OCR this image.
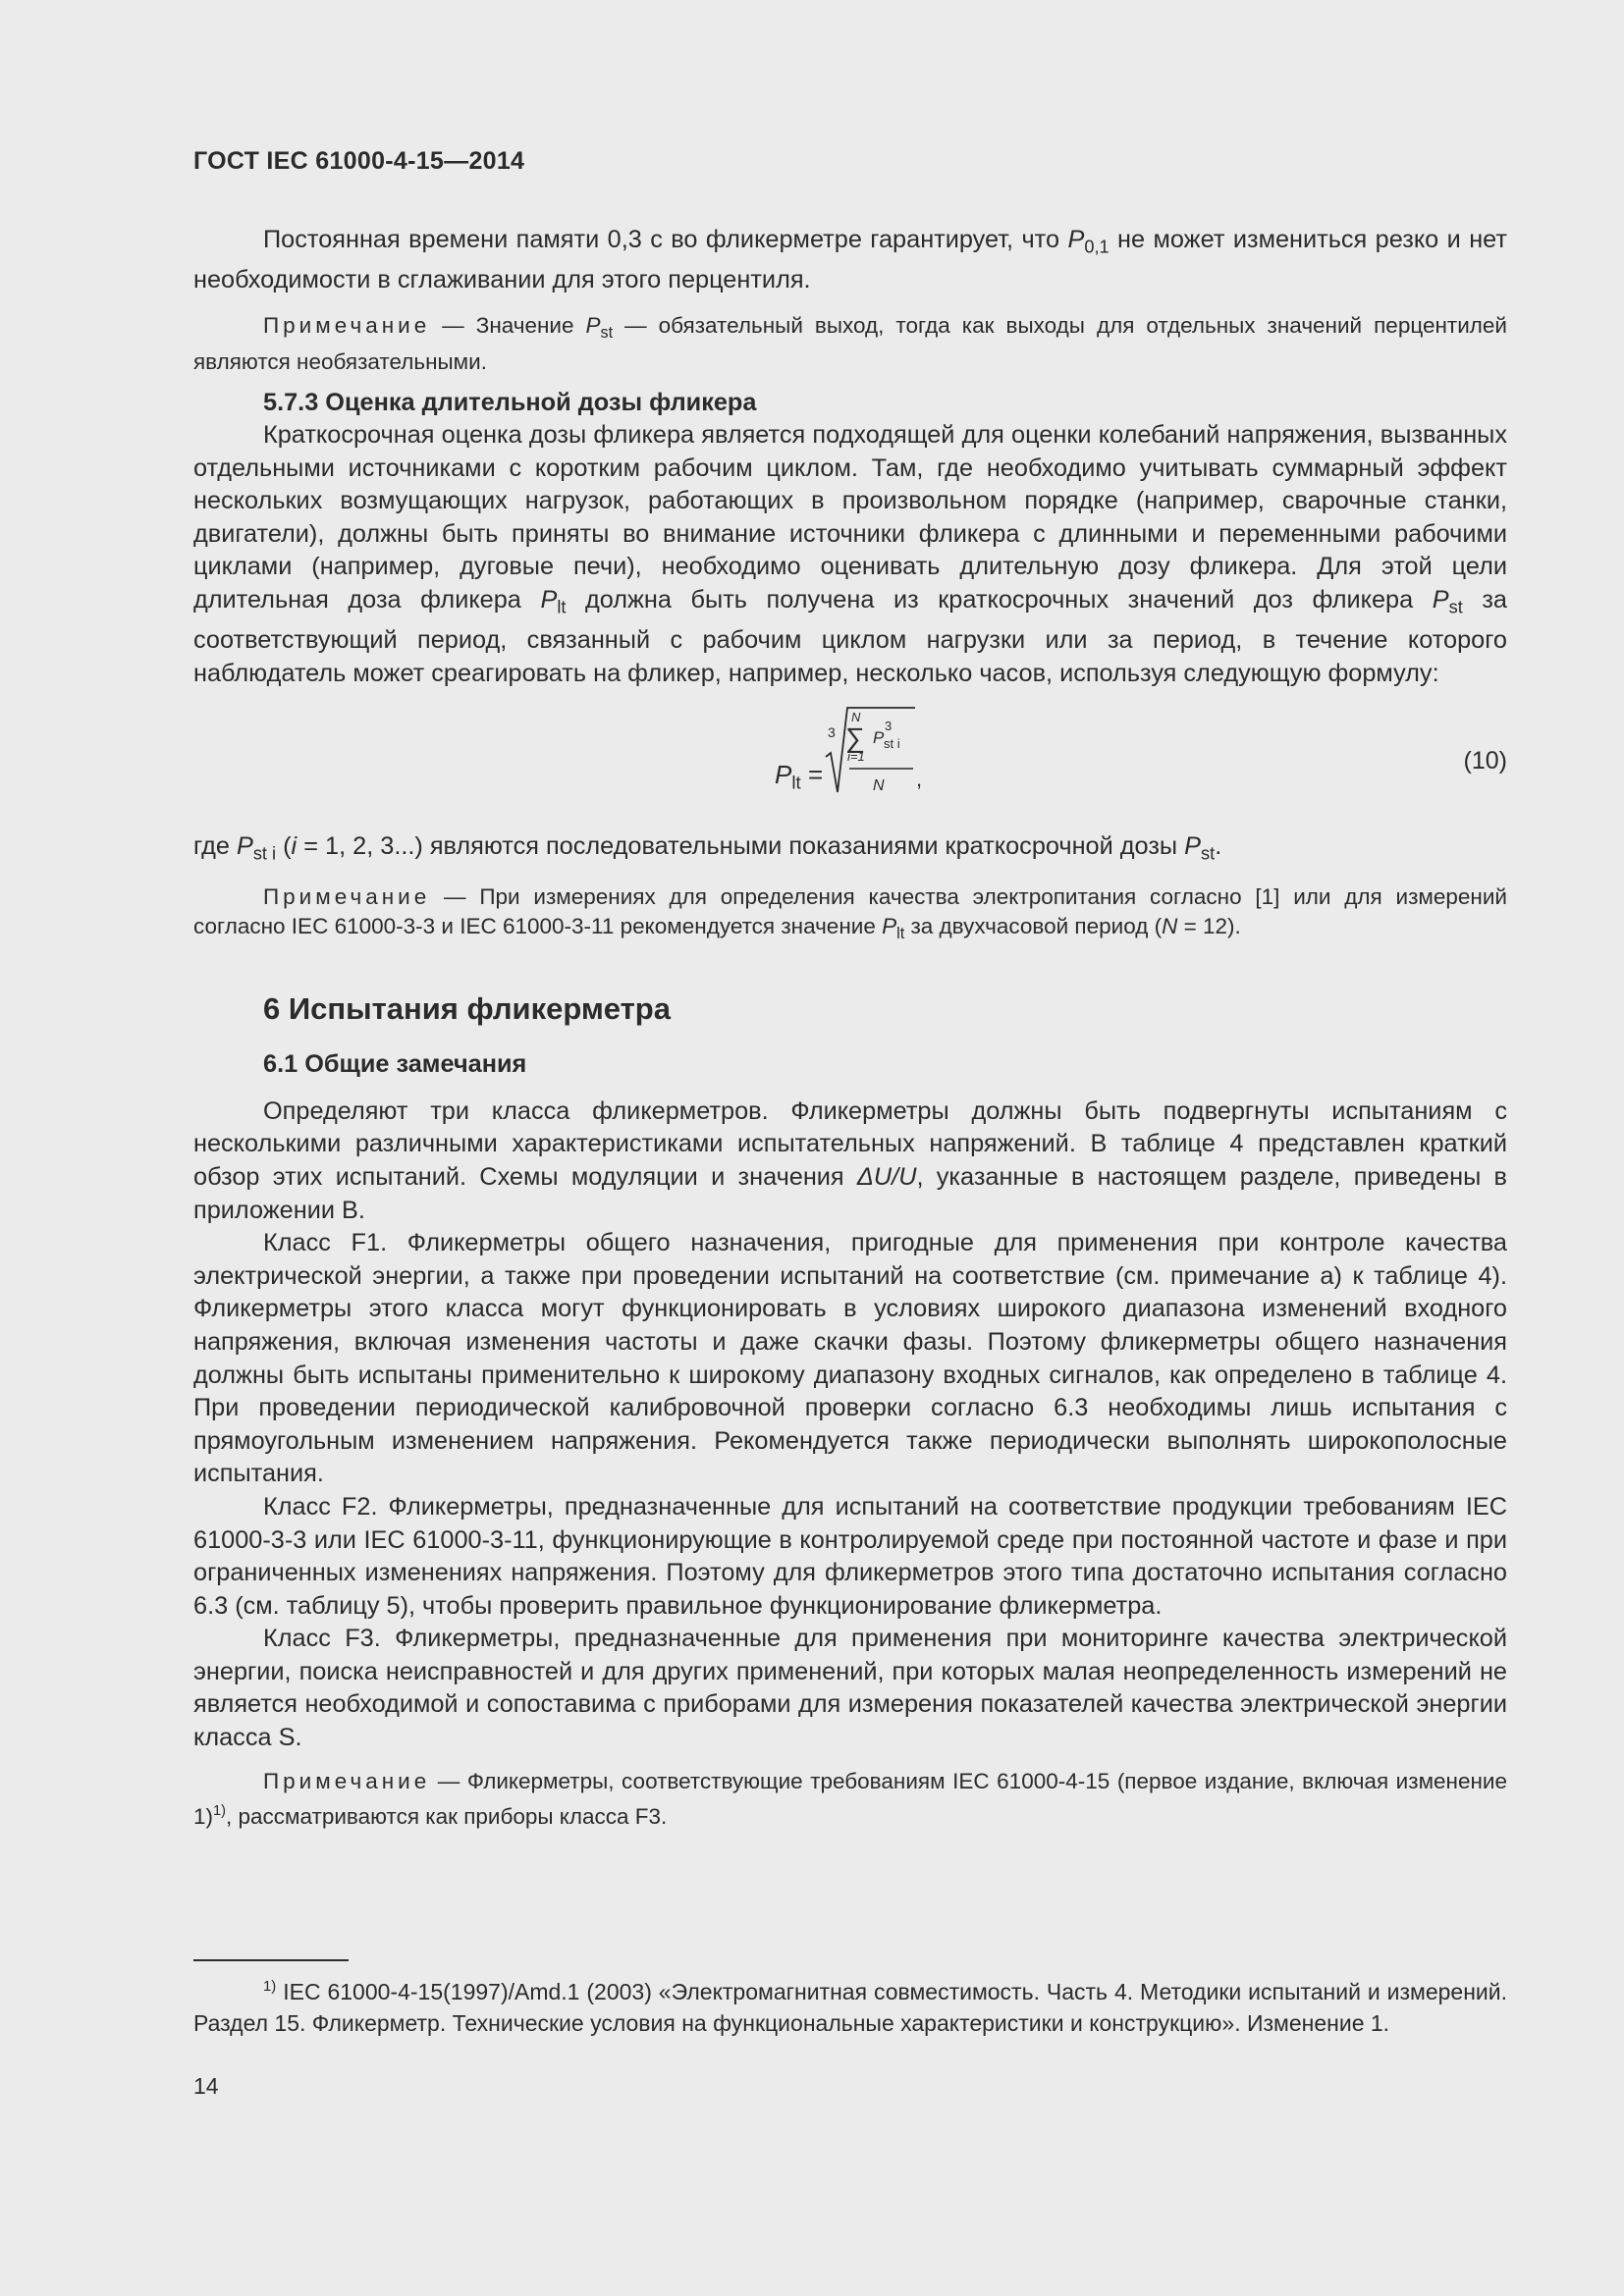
ГОСТ IEC 61000-4-15—2014

Постоянная времени памяти 0,3 с во фликерметре гарантирует, что $P_{0,1}$ не может измениться резко и нет необходимости в сглаживании для этого перцентиля.

Примечание — Значение $P_{st}$ — обязательный выход, тогда как выходы для отдельных значений перцентилей являются необязательными.

5.7.3 Оценка длительной дозы фликера

Краткосрочная оценка дозы фликера является подходящей для оценки колебаний напряжения, вызванных отдельными источниками с коротким рабочим циклом. Там, где необходимо учитывать суммарный эффект нескольких возмущающих нагрузок, работающих в произвольном порядке (например, сварочные станки, двигатели), должны быть приняты во внимание источники фликера с длинными и переменными рабочими циклами (например, дуговые печи), необходимо оценивать длительную дозу фликера. Для этой цели длительная доза фликера $P_{lt}$ должна быть получена из краткосрочных значений доз фликера $P_{st}$ за соответствующий период, связанный с рабочим циклом нагрузки или за период, в течение которого наблюдатель может среагировать на фликер, например, несколько часов, используя следующую формулу:

$P_{lt}$ =
3
N
∑
i=1
P
3
st i
N ,
(10)

где $P_{st i}$ (i = 1, 2, 3...) являются последовательными показаниями краткосрочной дозы $P_{st}$.

Примечание — При измерениях для определения качества электропитания согласно [1] или для измерений согласно IEC 61000-3-3 и IEC 61000-3-11 рекомендуется значение $P_{lt}$ за двухчасовой период (N = 12).

6 Испытания фликерметра
6.1 Общие замечания

Определяют три класса фликерметров. Фликерметры должны быть подвергнуты испытаниям с несколькими различными характеристиками испытательных напряжений. В таблице 4 представлен краткий обзор этих испытаний. Схемы модуляции и значения ΔU/U, указанные в настоящем разделе, приведены в приложении B.

Класс F1. Фликерметры общего назначения, пригодные для применения при контроле качества электрической энергии, а также при проведении испытаний на соответствие (см. примечание а) к таблице 4). Фликерметры этого класса могут функционировать в условиях широкого диапазона изменений входного напряжения, включая изменения частоты и даже скачки фазы. Поэтому фликерметры общего назначения должны быть испытаны применительно к широкому диапазону входных сигналов, как определено в таблице 4. При проведении периодической калибровочной проверки согласно 6.3 необходимы лишь испытания с прямоугольным изменением напряжения. Рекомендуется также периодически выполнять широкополосные испытания.

Класс F2. Фликерметры, предназначенные для испытаний на соответствие продукции требованиям IEC 61000-3-3 или IEC 61000-3-11, функционирующие в контролируемой среде при постоянной частоте и фазе и при ограниченных изменениях напряжения. Поэтому для фликерметров этого типа достаточно испытания согласно 6.3 (см. таблицу 5), чтобы проверить правильное функционирование фликерметра.

Класс F3. Фликерметры, предназначенные для применения при мониторинге качества электрической энергии, поиска неисправностей и для других применений, при которых малая неопределенность измерений не является необходимой и сопоставима с приборами для измерения показателей качества электрической энергии класса S.

Примечание — Фликерметры, соответствующие требованиям IEC 61000-4-15 (первое издание, включая изменение 1)$^{1)}$, рассматриваются как приборы класса F3.

$^{1)}$ IEC 61000-4-15(1997)/Amd.1 (2003) «Электромагнитная совместимость. Часть 4. Методики испытаний и измерений. Раздел 15. Фликерметр. Технические условия на функциональные характеристики и конструкцию». Изменение 1.
14
